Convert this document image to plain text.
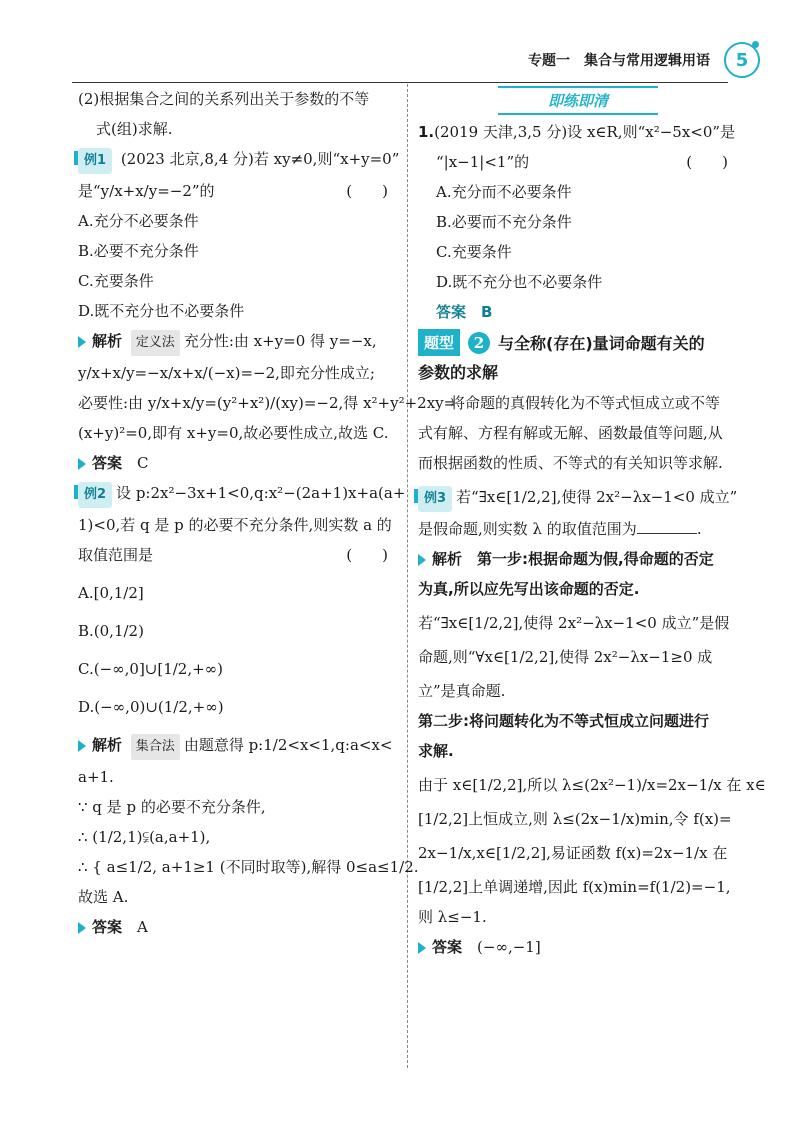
专题一 集合与常用逻辑用语 5

(2)根据集合之间的关系列出关于参数的不等

式(组)求解.

例1 (2023 北京,8,4 分)若 xy≠0,则“x+y=0”

是“y/x+x/y=−2”的	(　　)

A.充分不必要条件

B.必要不充分条件

C.充要条件

D.既不充分也不必要条件

解析 定义法 充分性:由 x+y=0 得 y=−x,

y/x+x/y=−x/x+x/(−x)=−2,即充分性成立;

必要性:由 y/x+x/y=(y²+x²)/(xy)=−2,得 x²+y²+2xy=

(x+y)²=0,即有 x+y=0,故必要性成立,故选 C.

答案　 C

例2 设 p:2x²−3x+1<0,q:x²−(2a+1)x+a(a+

1)<0,若 q 是 p 的必要不充分条件,则实数 a 的

取值范围是	(　　)

A.[0,1/2]

B.(0,1/2)

C.(−∞,0]∪[1/2,+∞)

D.(−∞,0)∪(1/2,+∞)

解析 集合法 由题意得 p:1/2<x<1,q:a<x<

a+1.

∵ q 是 p 的必要不充分条件,

∴ (1/2,1)⫋(a,a+1),

∴ { a≤1/2, a+1≥1 (不同时取等),解得 0≤a≤1/2.

故选 A.

答案　 A

即练即清

1.(2019 天津,3,5 分)设 x∈R,则“x²−5x<0”是

“|x−1|<1”的	(　　)

A.充分而不必要条件

B.必要而不充分条件

C.充要条件

D.既不充分也不必要条件

答案　 B

题型	2 与全称(存在)量词命题有关的

参数的求解

将命题的真假转化为不等式恒成立或不等

式有解、方程有解或无解、函数最值等问题,从

而根据函数的性质、不等式的有关知识等求解.

例3 若“∃x∈[1/2,2],使得 2x²−λx−1<0 成立”

是假命题,则实数 λ 的取值范围为	.

解析　 第一步:根据命题为假,得命题的否定

为真,所以应先写出该命题的否定.

若“∃x∈[1/2,2],使得 2x²−λx−1<0 成立”是假

命题,则“∀x∈[1/2,2],使得 2x²−λx−1≥0 成

立”是真命题.

第二步:将问题转化为不等式恒成立问题进行

求解.

由于 x∈[1/2,2],所以 λ≤(2x²−1)/x=2x−1/x 在 x∈

[1/2,2]上恒成立,则 λ≤(2x−1/x)min,令 f(x)=

2x−1/x,x∈[1/2,2],易证函数 f(x)=2x−1/x 在

[1/2,2]上单调递增,因此 f(x)min=f(1/2)=−1,

则 λ≤−1.

答案　 (−∞,−1]
